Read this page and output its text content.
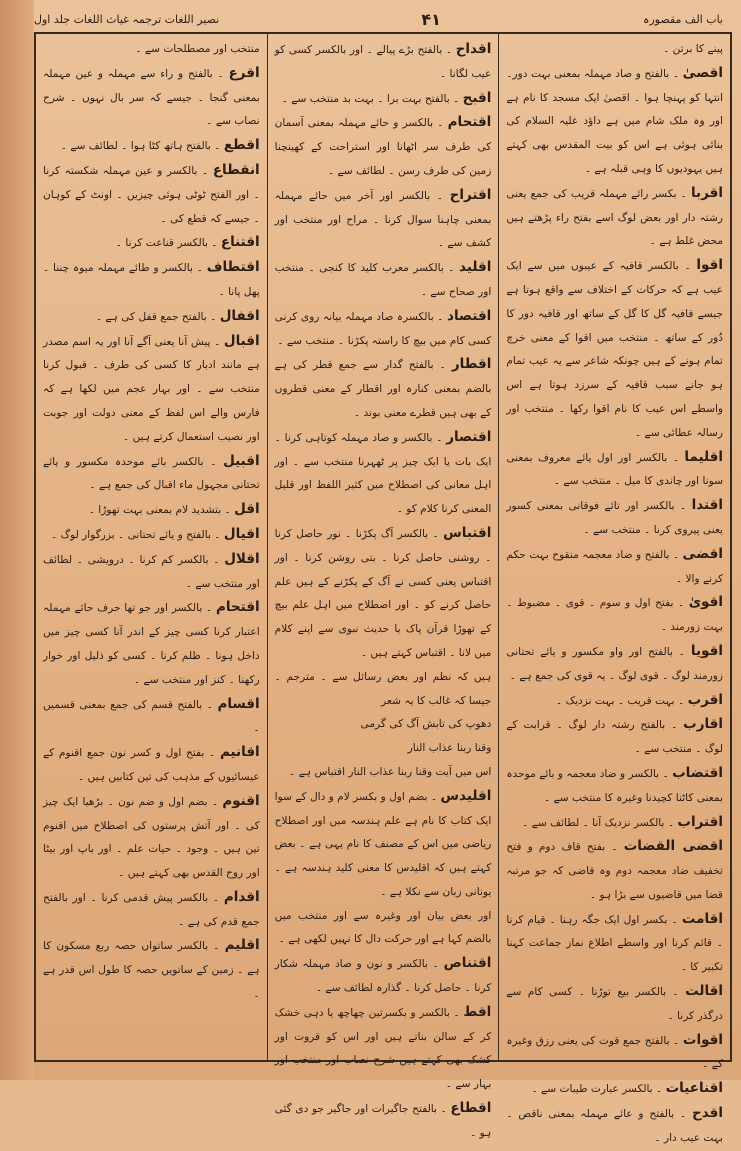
باب الف مقصورہ
۴۱
نصیر اللغات ترجمہ غیاث اللغات جلد اول
پینے کا برتن ۔
اقصیٰ ۔ بالفتح و صاد مہملہ بمعنی بہت دور۔ انتہا کو پہنچا ہوا ۔ اقصیٰ ایک مسجد کا نام ہے اور وہ ملک شام میں ہے داؤد علیہ السلام کی بنائی ہوئی ہے اس کو بیت المقدس بھی کہتے ہیں یہودیوں کا وہی قبلہ ہے ۔
اقربا ۔ بکسر رائے مہملہ قریب کی جمع یعنی رشتہ دار اور بعض لوگ اسے بفتح راء پڑھتے ہیں محض غلط ہے ۔
اقوا ۔ بالکسر قافیہ کے عیبوں میں سے ایک عیب ہے کہ حرکات کے اختلاف سے واقع ہوتا ہے جیسے قافیہ گل کا گل کے ساتھ اور قافیہ دور کا دُور کے ساتھ ۔ منتخب میں اقوا کے معنی خرچ تمام ہونے کے ہیں چونکہ شاعر سے یہ عیب تمام ہو جانے سبب قافیہ کے سرزد ہوتا ہے اس واسطے اس عیب کا نام اقوا رکھا ۔ منتخب اور رسالہ عطائی سے ۔
اقلیما ۔ بالکسر اور اول یائے معروف بمعنی سونا اور چاندی کا میل ۔ منتخب سے ۔
اقتدا ۔ بالکسر اور تائے فوقانی بمعنی کسور یعنی پیروی کرنا ۔ منتخب سے ۔
اقضی ۔ بالفتح و ضاد معجمہ منقوح بہت حکم کرنے والا ۔
اقویٰ ۔ بفتح اول و سوم ۔ قوی ۔ مضبوط ۔ بہت زورمند ۔
اقویا ۔ بالفتح اور واو مکسور و یائے تحتانی زورمند لوگ ۔ قوی لوگ ۔ یہ قوی کی جمع ہے ۔
اقرب ۔ بہت قریب ۔ بہت نزدیک ۔
اقارب ۔ بالفتح رشتہ دار لوگ ۔ قرابت کے لوگ ۔ منتخب سے ۔
اقتضاب ۔ بالکسر و ضاد معجمہ و بائے موحدہ بمعنی کاٹنا کچیدنا وغیرہ کا منتخب سے ۔
اقتراب ۔ بالکسر نزدیک آنا ۔ لطائف سے ۔
اقضی القضات ۔ بفتح قاف دوم و فتح تخفیف ضاد معجمہ دوم وہ قاضی کہ جو مرتبہ قضا میں قاضیوں سے بڑا ہو ۔
اقامت ۔ بکسر اول ایک جگہ رہنا ۔ قیام کرنا ۔ قائم کرنا اور واسطے اطلاع نماز جماعت کہنا تکبیر کا ۔
اقالت ۔ بالکسر بیع توڑنا ۔ کسی کام سے درگذر کرنا ۔
اقوات ۔ بالفتح جمع قوت کی یعنی رزق وغیرہ کے ۔
اقناعیات ۔ بالکسر عبارت طیبات سے ۔
اقدح ۔ بالفتح و عائے مہملہ بمعنی ناقص ۔ بہت عیب دار ۔
اقداح ۔ بالفتح بڑے پیالے ۔ اور بالکسر کسی کو عیب لگانا ۔
اقبح ۔ بالفتح بہت برا ۔ بہت بد منتخب سے ۔
اقتحام ۔ بالکسر و حائے مہملہ بمعنی آسمان کی طرف سر اٹھانا اور استراحت کے کھینچنا زمین کی طرف رسن ۔ لطائف سے ۔
اقتراح ۔ بالکسر اور آخر میں حائے مہملہ بمعنی چاہنا سوال کرنا ۔ مراح اور منتخب اور کشف سے ۔
اقلید ۔ بالکسر معرب کلید کا کنجی ۔ منتخب اور صحاح سے ۔
اقتصاد ۔ بالکسرہ صاد مہملہ بیانہ روی کرنی کسی کام میں بیچ کا راستہ پکڑنا ۔ منتخب سے ۔
اقطار ۔ بالفتح گدار سے جمع قطر کی ہے بالضم بمعنی کنارہ اور اقطار کے معنی قطروں کے بھی ہیں قطرے معنی بوند ۔
اقتصار ۔ بالکسر و صاد مہملہ کوتاہی کرنا ۔ ایک بات یا ایک چیز پر ٹھہرنا منتخب سے ۔ اور اہل معانی کی اصطلاح میں کثیر اللفظ اور قلیل المعنی کرنا کلام کو ۔
اقتباس ۔ بالکسر آگ پکڑنا ۔ نور حاصل کرنا ۔ روشنی حاصل کرنا ۔ بتی روشن کرنا ۔ اور اقتباس یعنی کسی نے آگ کے پکڑنے کے ہیں علم حاصل کرنے کو ۔ اور اصطلاح میں اہل علم بیچ کے تھوڑا قرآن پاک یا حدیث نبوی سے اپنے کلام میں لانا ۔ اقتباس کہتے ہیں ۔
ہیں کہ نظم اور بعض رسائل سے ۔ مترجم ۔ جیسا کہ غالب کا یہ شعر
دھوپ کی تابش آگ کی گرمی
وقنا ربنا عذاب النار
اس میں آیت وقنا ربنا عذاب النار اقتباس ہے ۔
اقلیدس ۔ بضم اول و بکسر لام و دال کے سوا ایک کتاب کا نام ہے علم ہندسہ میں اور اصطلاح ریاضی میں اس کے مصنف کا نام یہی ہے ۔ بعض کہتے ہیں کہ اقلیدس کا معنی کلید ہندسہ ہے ۔ یونانی زبان سے نکلا ہے ۔
اور بعض بیان اور وغیرہ سے اور منتخب میں بالضم کہا ہے اور حرکت دال کا نہیں لکھی ہے ۔
اقتناص ۔ بالکسر و نون و صاد مہملہ شکار کرنا ۔ حاصل کرنا ۔ گذارہ لطائف سے ۔
اقط ۔ بالکسر و بکسرتین چھاچھ یا دہی خشک کر کے سالن بناتے ہیں اور اس کو قروت اور کشک بھی کہتے ہیں شرح نصاب اور منتخب اور بہار سے ۔
اقطاع ۔ بالفتح جاگیرات اور جاگیر جو دی گئی ہو ۔
منتخب اور مصطلحات سے ۔
اقرع ۔ بالفتح و راء سے مہملہ و عین مہملہ بمعنی گنجا ۔ جیسے کہ سر بال نہوں ۔ شرح نصاب سے ۔
اقطع ۔ بالفتح ہاتھ کٹا ہوا ۔ لطائف سے ۔
انقطاع ۔ بالکسر و عین مہملہ شکستہ کرنا ۔ اور الفتح ٹوٹی ہوئی چیزیں ۔ اونٹ کے کوہان ۔ جیسے کہ قطع کی ۔
اقتناع ۔ بالکسر قناعت کرنا ۔
اقتطاف ۔ بالکسر و طائے مہملہ میوہ چننا ۔ پھل پانا ۔
اقفال ۔ بالفتح جمع قفل کی ہے ۔
اقبال ۔ پیش آنا یعنی آگے آنا اور یہ اسم مصدر ہے مانند ادبار کا کسی کی طرف ۔ قبول کرنا منتخب سے ۔ اور بہار عجم میں لکھا ہے کہ فارس والے اس لفظ کے معنی دولت اور جوبت اور نصیب استعمال کرتے ہیں ۔
اقبیل ۔ بالکسر بائے موحدہ مکسور و یائے تحتانی مجہول ماء اقبال کی جمع ہے ۔
اقل ۔ بتشدید لام بمعنی بہت تھوڑا ۔
اقیال ۔ بالفتح و یائے تحتانی ۔ بزرگوار لوگ ۔
اقلال ۔ بالکسر کم کرنا ۔ درویشی ۔ لطائف اور منتخب سے ۔
اقتحام ۔ بالکسر اور جو تھا حرف حائے مہملہ اعتبار کرنا کسی چیز کے اندر آنا کسی چیز میں داخل ہونا ۔ ظلم کرنا ۔ کسی کو ذلیل اور خوار رکھنا ۔ کنز اور منتخب سے ۔
اقسام ۔ بالفتح قسم کی جمع بمعنی قسمیں ۔
اقانیم ۔ بفتح اول و کسر نون جمع اقنوم کے عیسائیوں کے مذہب کی تین کتابیں ہیں ۔
اقنوم ۔ بضم اول و ضم نون ۔ بڑھیا ایک چیز کی ۔ اور آتش پرستوں کی اصطلاح میں اقنوم تین ہیں ۔ وجود ۔ حیات علم ۔ اور باپ اور بیٹا اور روح القدس بھی کہتے ہیں ۔
اقدام ۔ بالکسر پیش قدمی کرنا ۔ اور بالفتح جمع قدم کی ہے ۔
اقلیم ۔ بالکسر ساتواں حصہ ربع مسکون کا ہے ۔ زمین کے ساتویں حصہ کا طول اس قدر ہے ۔
